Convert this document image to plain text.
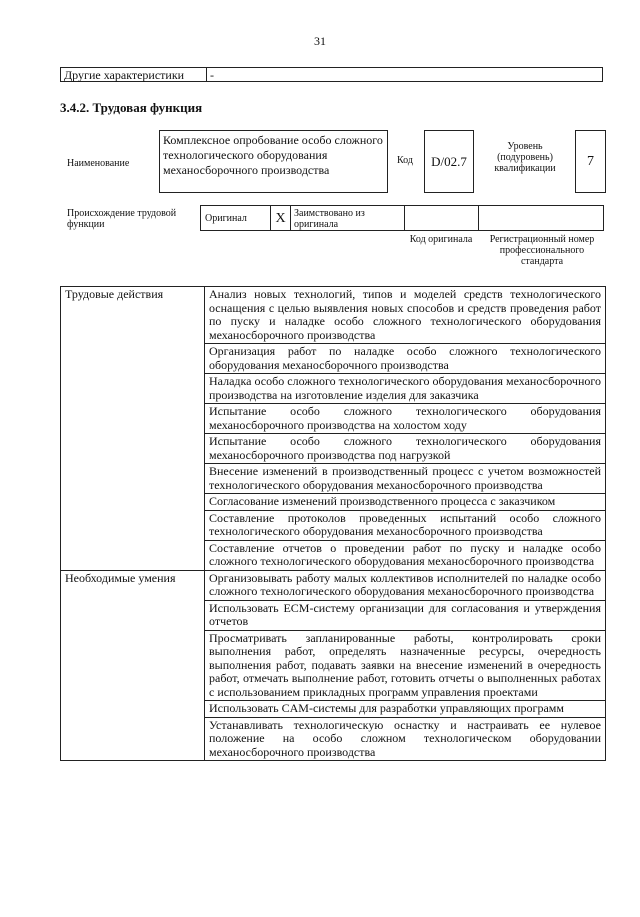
31
Другие характеристики	-
3.4.2. Трудовая функция
Наименование
Комплексное опробование особо сложного технологического оборудования механосборочного производства
Код	D/02.7
Уровень (подуровень) квалификации	7
Происхождение трудовой функции
Оригинал	X Заимствовано из оригинала
Код оригинала	Регистрационный номер профессионального стандарта
Трудовые действия	Анализ новых технологий, типов и моделей средств технологического оснащения с целью выявления новых способов и средств проведения работ по пуску и наладке особо сложного технологического оборудования механосборочного производства
	Организация работ по наладке особо сложного технологического оборудования механосборочного производства
	Наладка особо сложного технологического оборудования механосборочного производства на изготовление изделия для заказчика
	Испытание особо сложного технологического оборудования механосборочного производства на холостом ходу
	Испытание особо сложного технологического оборудования механосборочного производства под нагрузкой
	Внесение изменений в производственный процесс с учетом возможностей технологического оборудования механосборочного производства
	Согласование изменений производственного процесса с заказчиком
	Составление протоколов проведенных испытаний особо сложного технологического оборудования механосборочного производства
	Составление отчетов о проведении работ по пуску и наладке особо сложного технологического оборудования механосборочного производства
Необходимые умения	Организовывать работу малых коллективов исполнителей по наладке особо сложного технологического оборудования механосборочного производства
	Использовать ECM-систему организации для согласования и утверждения отчетов
	Просматривать запланированные работы, контролировать сроки выполнения работ, определять назначенные ресурсы, очередность выполнения работ, подавать заявки на внесение изменений в очередность работ, отмечать выполнение работ, готовить отчеты о выполненных работах с использованием прикладных программ управления проектами
	Использовать CAM-системы для разработки управляющих программ
	Устанавливать технологическую оснастку и настраивать ее нулевое положение на особо сложном технологическом оборудовании механосборочного производства
